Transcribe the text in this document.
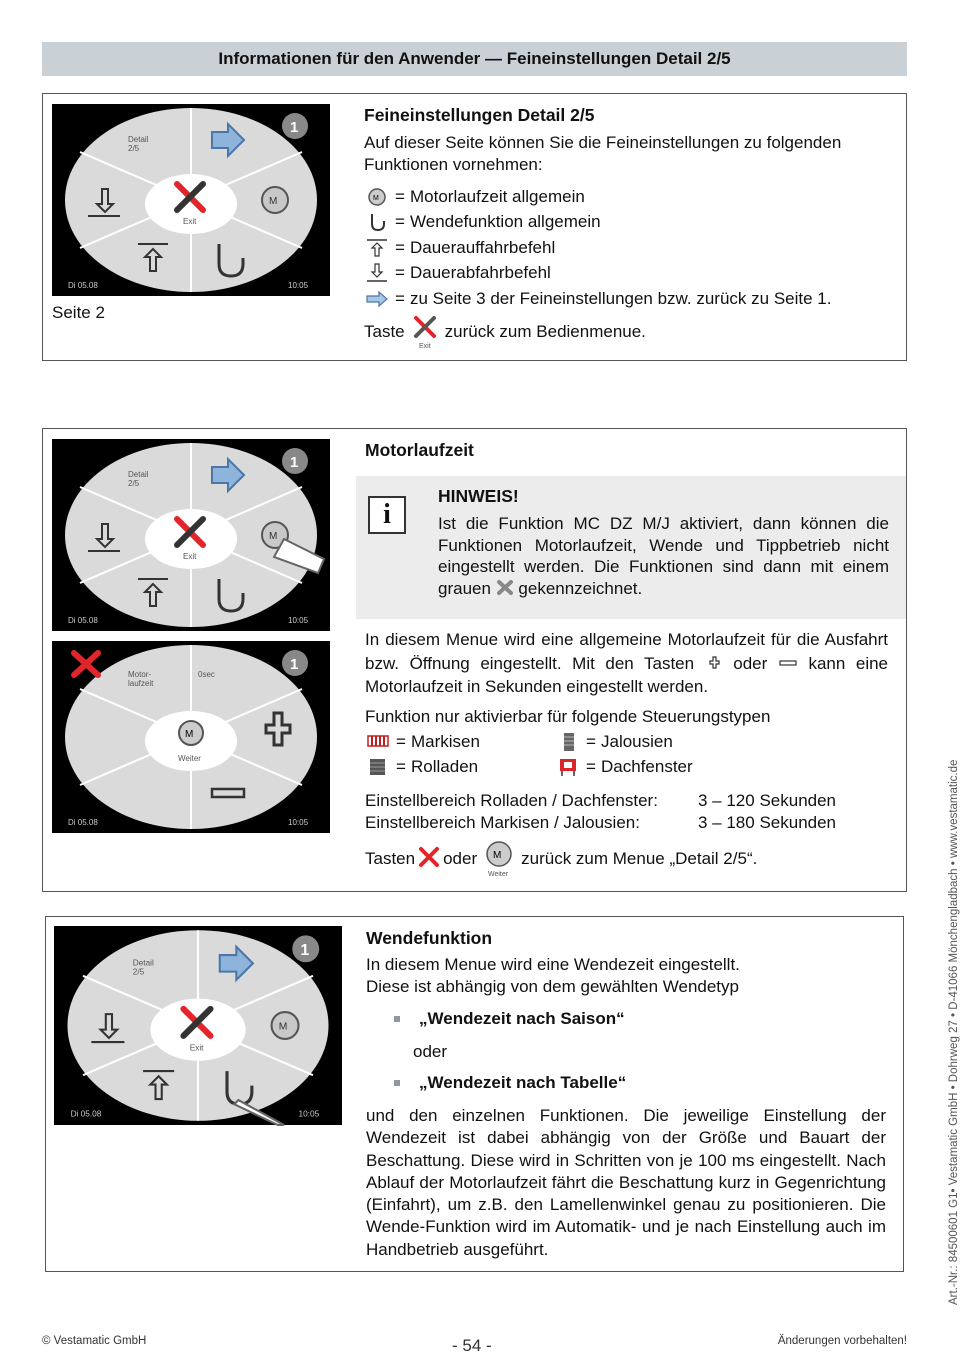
Informationen für den Anwender — Feineinstellungen Detail 2/5
Exit
Detail
2/5
1
M
Di 05.08	10:05
Seite 2
Feineinstellungen Detail 2/5
Auf dieser Seite können Sie die Feineinstellungen zu folgenden Funktionen vornehmen:
M = Motorlaufzeit allgemein
= Wendefunktion allgemein
= Dauerauffahrbefehl
= Dauerabfahrbefehl
= zu Seite 3 der Feineinstellungen bzw. zurück zu Seite 1.
Taste
Exit
zurück zum Bedienmenue.
Exit
Detail
2/5
1
M
Di 05.08	10:05
M
Weiter
Motor-
laufzeit
0sec
1
Di 05.08	10:05
Motorlaufzeit
i
HINWEIS!
Ist die Funktion MC DZ M/J aktiviert, dann können die Funktionen Motorlaufzeit, Wende und Tippbetrieb nicht eingestellt werden. Die Funktionen sind dann mit einem grauen gekennzeichnet.
In diesem Menue wird eine allgemeine Motorlaufzeit für die Ausfahrt bzw. Öffnung eingestellt. Mit den Tasten oder kann eine Motorlaufzeit in Sekunden eingestellt werden.
Funktion nur aktivierbar für folgende Steuerungstypen
= Markisen	= Jalousien
= Rolladen	= Dachfenster
Einstellbereich Rolladen / Dachfenster:	3 – 120 Sekunden
Einstellbereich Markisen / Jalousien:	3 – 180 Sekunden
Tasten oder M
Weiter
zurück zum Menue „Detail 2/5“.
Exit
Detail
2/5
1
M
Di 05.08	10:05
Wendefunktion
In diesem Menue wird eine Wendezeit eingestellt.
Diese ist abhängig von dem gewählten Wendetyp
„Wendezeit nach Saison“
oder
„Wendezeit nach Tabelle“
und den einzelnen Funktionen. Die jeweilige Einstellung der Wendezeit ist dabei abhängig von der Größe und Bauart der Beschattung. Diese wird in Schritten von je 100 ms eingestellt. Nach Ablauf der Motorlaufzeit fährt die Beschattung kurz in Gegenrichtung (Einfahrt), um z.B. den Lamellenwinkel genau zu positionieren. Die Wende-Funktion wird im Automatik- und je nach Einstellung auch im Handbetrieb ausgeführt.
© Vestamatic GmbH	- 54 -	Änderungen vorbehalten!
Art.-Nr.: 84500601 G1• Vestamatic GmbH • Dohrweg 27 • D-41066 Mönchengladbach • www.vestamatic.de
